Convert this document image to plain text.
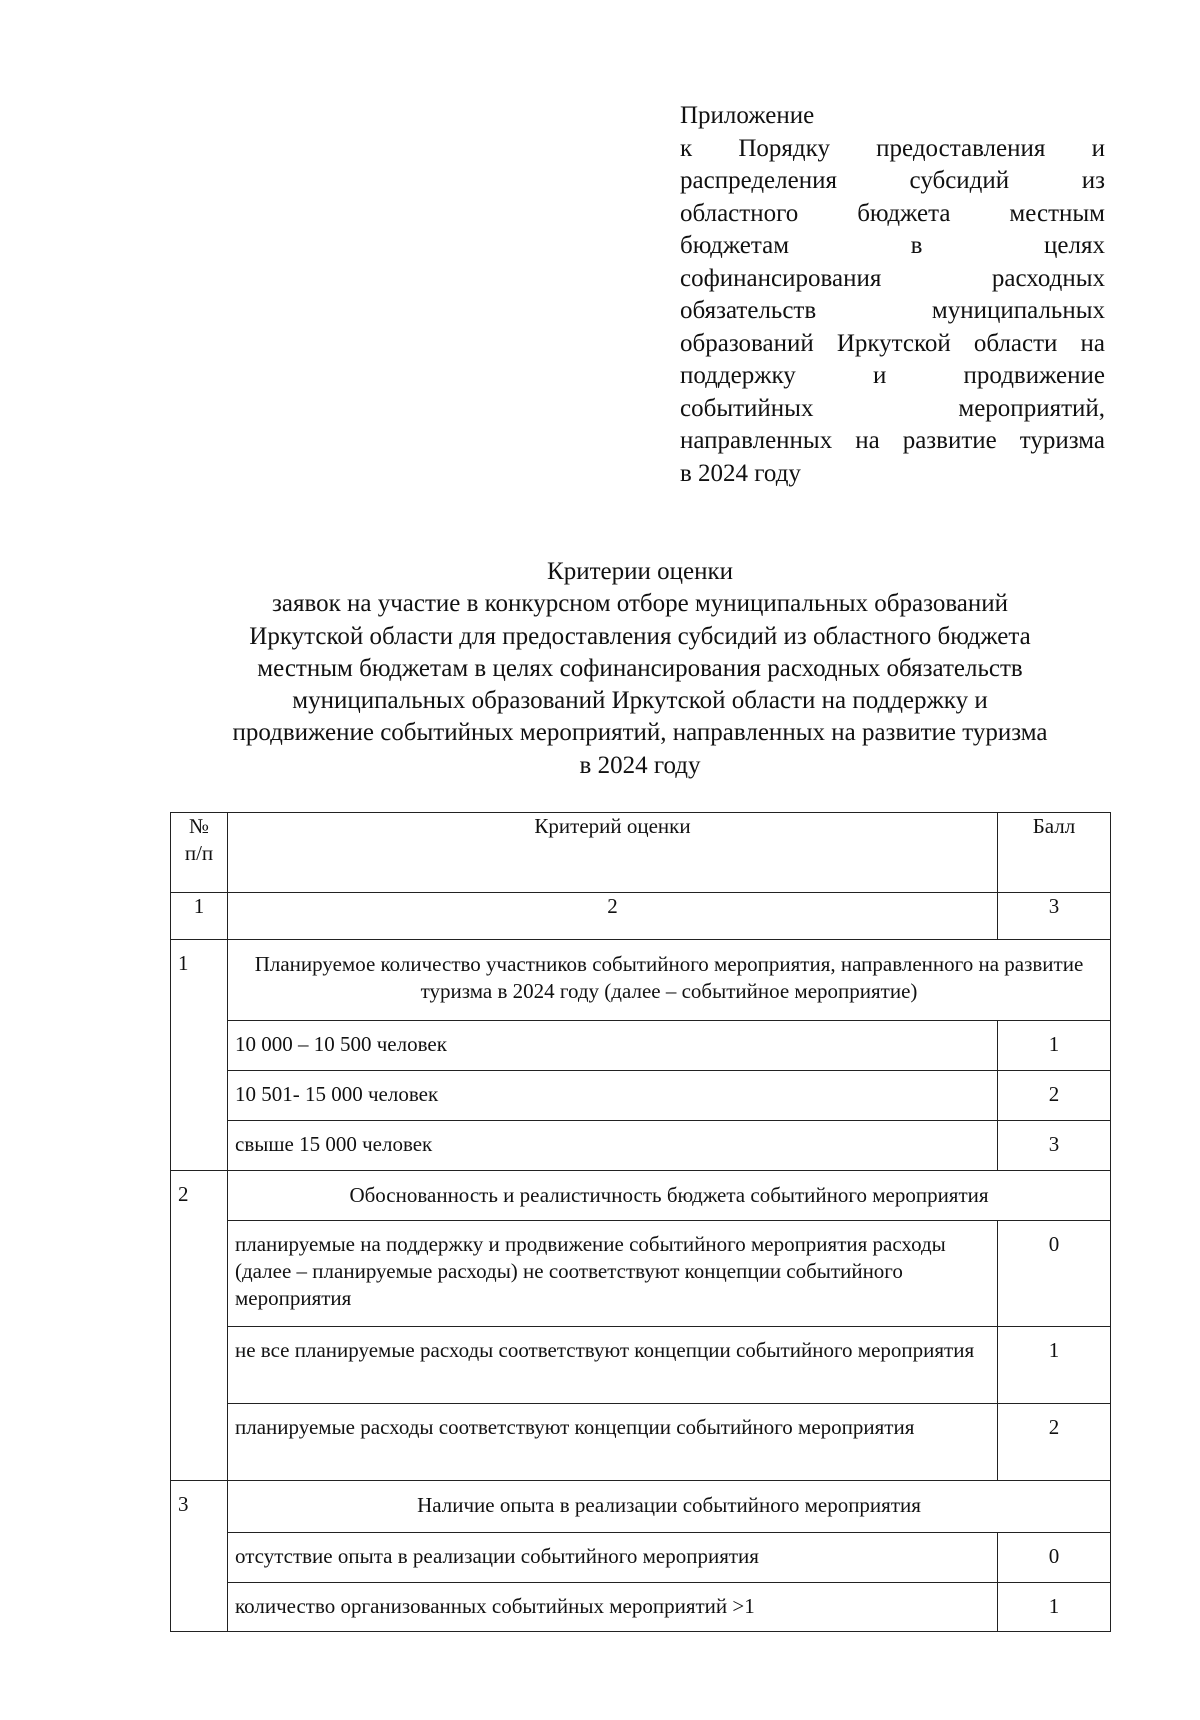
Приложение
к Порядку предоставления и
распределения субсидий из
областного бюджета местным
бюджетам в целях
софинансирования расходных
обязательств муниципальных
образований Иркутской области на
поддержку и продвижение
событийных мероприятий,
направленных на развитие туризма
в 2024 году
Критерии оценки
заявок на участие в конкурсном отборе муниципальных образований
Иркутской области для предоставления субсидий из областного бюджета
местным бюджетам в целях софинансирования расходных обязательств
муниципальных образований Иркутской области на поддержку и
продвижение событийных мероприятий, направленных на развитие туризма
в 2024 году
№
п/п	Критерий оценки	Балл
1	2	3
1	Планируемое количество участников событийного мероприятия, направленного на развитие туризма в 2024 году (далее – событийное мероприятие)	
	10 000 – 10 500 человек	1
	10 501- 15 000 человек	2
	свыше 15 000 человек	3
2	Обоснованность и реалистичность бюджета событийного мероприятия	
	планируемые на поддержку и продвижение событийного мероприятия расходы (далее – планируемые расходы) не соответствуют концепции событийного мероприятия	0
	не все планируемые расходы соответствуют концепции событийного мероприятия	1
	планируемые расходы соответствуют концепции событийного мероприятия	2
3	Наличие опыта в реализации событийного мероприятия	
	отсутствие опыта в реализации событийного мероприятия	0
	количество организованных событийных мероприятий >1	1
